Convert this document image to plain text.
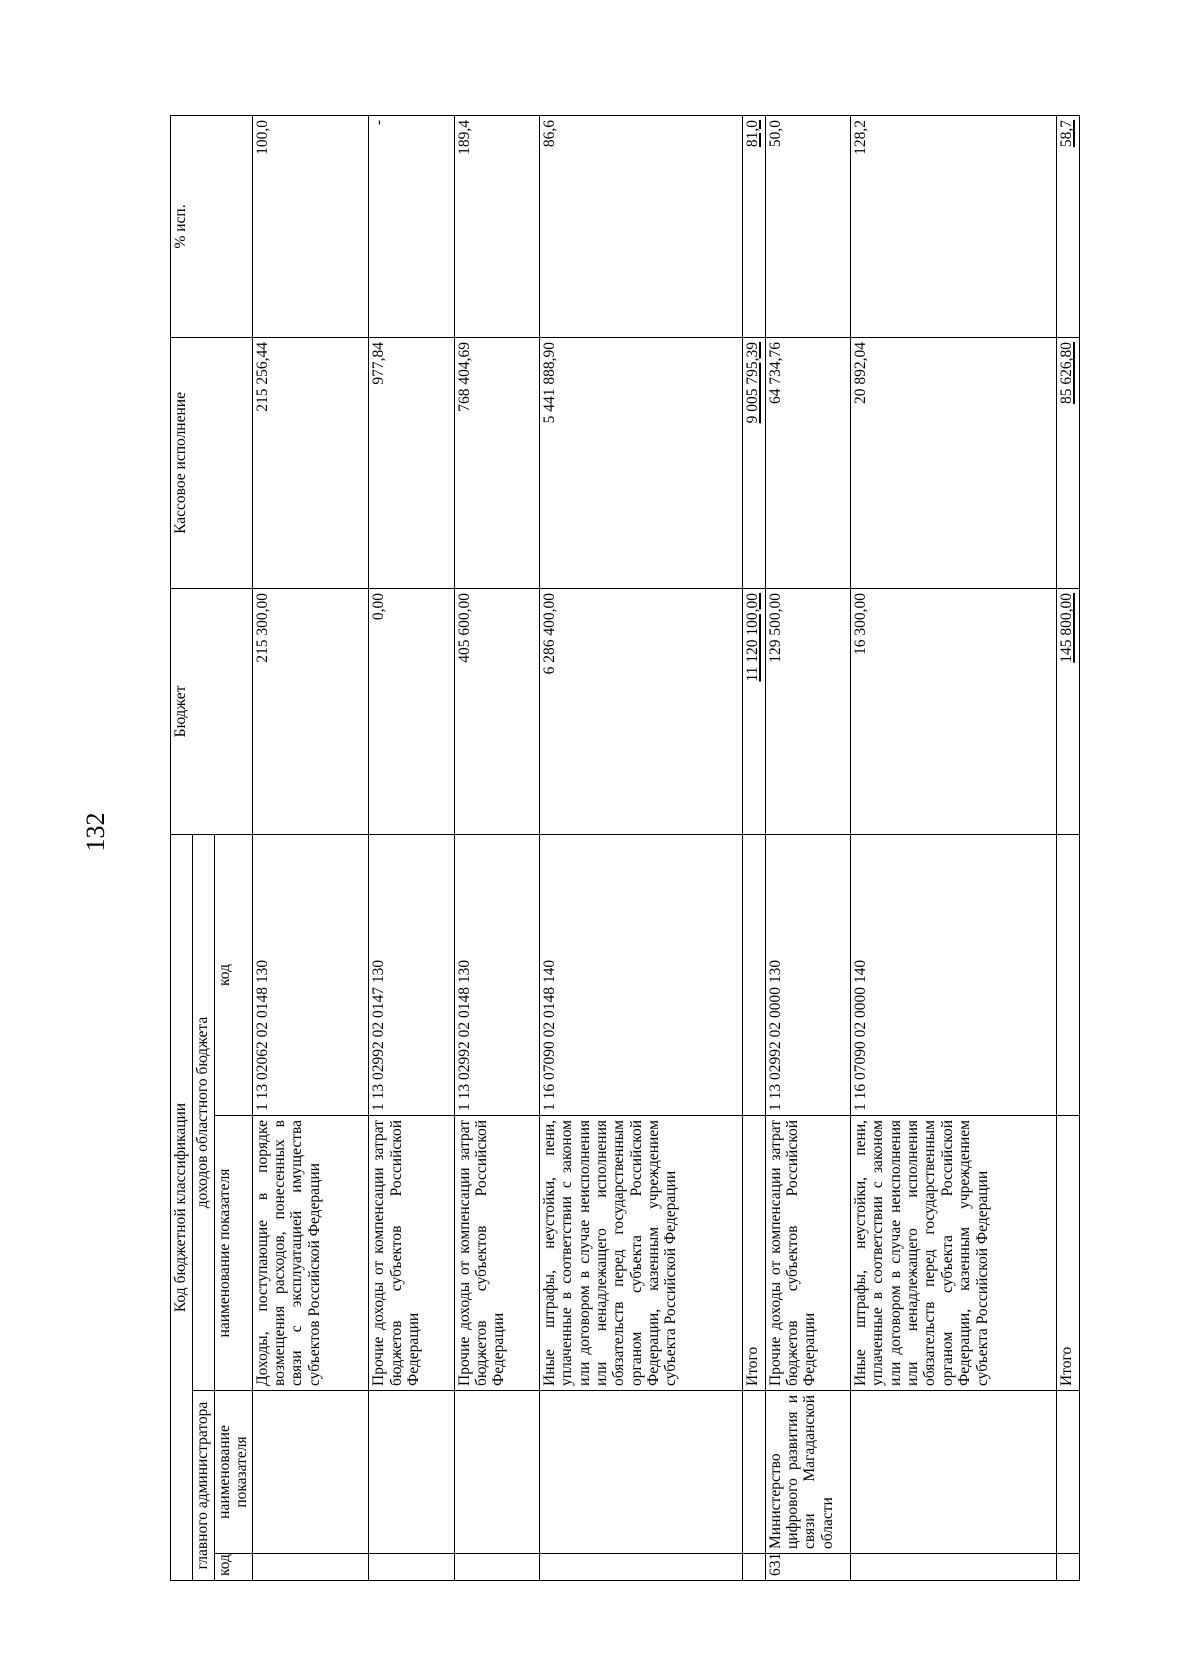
132
Код бюджетной классификации				Бюджет	Кассовое исполнение	% исп.
главного администратора		доходов областного бюджета				
код	наименование показателя	наименование показателя	код			
		Доходы, поступающие в порядке возмещения расходов, понесенных в связи с эксплуатацией имущества субъектов Российской Федерации	1 13 02062 02 0148 130	215 300,00	215 256,44	100,0
		Прочие доходы от компенсации затрат бюджетов субъектов Российской Федерации	1 13 02992 02 0147 130	0,00	977,84	-
		Прочие доходы от компенсации затрат бюджетов субъектов Российской Федерации	1 13 02992 02 0148 130	405 600,00	768 404,69	189,4
		Иные штрафы, неустойки, пени, уплаченные в соответствии с законом или договором в случае неисполнения или ненадлежащего исполнения обязательств перед государственным органом субъекта Российской Федерации, казенным учреждением субъекта Российской Федерации	1 16 07090 02 0148 140	6 286 400,00	5 441 888,90	86,6
		Итого		11 120 100,00	9 005 795,39	81,0
631	Министерство цифрового развития и связи Магаданской области	Прочие доходы от компенсации затрат бюджетов субъектов Российской Федерации	1 13 02992 02 0000 130	129 500,00	64 734,76	50,0
		Иные штрафы, неустойки, пени, уплаченные в соответствии с законом или договором в случае неисполнения или ненадлежащего исполнения обязательств перед государственным органом субъекта Российской Федерации, казенным учреждением субъекта Российской Федерации	1 16 07090 02 0000 140	16 300,00	20 892,04	128,2
		Итого		145 800,00	85 626,80	58,7
